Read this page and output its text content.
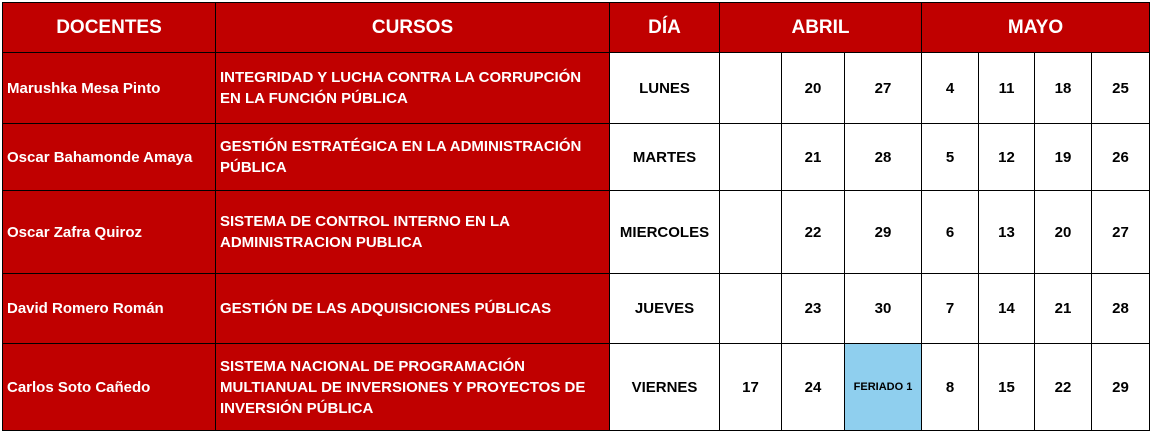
DOCENTES	CURSOS	DÍA	ABRIL			MAYO			
Marushka Mesa Pinto	INTEGRIDAD Y LUCHA CONTRA LA CORRUPCIÓN EN LA FUNCIÓN PÚBLICA	LUNES		20	27	4	11	18	25
Oscar Bahamonde Amaya	GESTIÓN ESTRATÉGICA EN LA ADMINISTRACIÓN PÚBLICA	MARTES		21	28	5	12	19	26
Oscar Zafra Quiroz	SISTEMA DE CONTROL INTERNO EN LA ADMINISTRACION PUBLICA	MIERCOLES		22	29	6	13	20	27
David Romero Román	GESTIÓN DE LAS ADQUISICIONES PÚBLICAS	JUEVES		23	30	7	14	21	28
Carlos Soto Cañedo	SISTEMA NACIONAL DE PROGRAMACIÓN MULTIANUAL DE INVERSIONES Y PROYECTOS DE INVERSIÓN PÚBLICA	VIERNES	17	24	FERIADO 1	8	15	22	29
